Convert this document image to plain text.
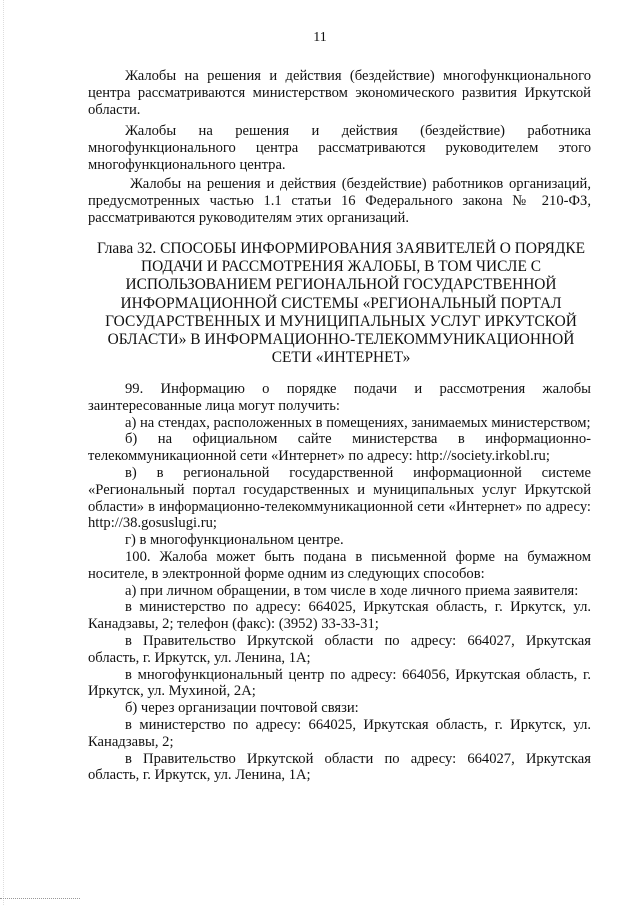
11

Жалобы на решения и действия (бездействие) многофункционального центра рассматриваются министерством экономического развития Иркутской области.

Жалобы на решения и действия (бездействие) работника многофункционального центра рассматриваются руководителем этого многофункционального центра.

Жалобы на решения и действия (бездействие) работников организаций, предусмотренных частью 1.1 статьи 16 Федерального закона № 210-ФЗ, рассматриваются руководителям этих организаций.

Глава 32. СПОСОБЫ ИНФОРМИРОВАНИЯ ЗАЯВИТЕЛЕЙ О ПОРЯДКЕ ПОДАЧИ И РАССМОТРЕНИЯ ЖАЛОБЫ, В ТОМ ЧИСЛЕ С ИСПОЛЬЗОВАНИЕМ РЕГИОНАЛЬНОЙ ГОСУДАРСТВЕННОЙ ИНФОРМАЦИОННОЙ СИСТЕМЫ «РЕГИОНАЛЬНЫЙ ПОРТАЛ ГОСУДАРСТВЕННЫХ И МУНИЦИПАЛЬНЫХ УСЛУГ ИРКУТСКОЙ ОБЛАСТИ» В ИНФОРМАЦИОННО-ТЕЛЕКОММУНИКАЦИОННОЙ СЕТИ «ИНТЕРНЕТ»

99. Информацию о порядке подачи и рассмотрения жалобы заинтересованные лица могут получить:

а) на стендах, расположенных в помещениях, занимаемых министерством;

б) на официальном сайте министерства в информационно-телекоммуникационной сети «Интернет» по адресу: http://society.irkobl.ru;

в) в региональной государственной информационной системе «Региональный портал государственных и муниципальных услуг Иркутской области» в информационно-телекоммуникационной сети «Интернет» по адресу: http://38.gosuslugi.ru;

г) в многофункциональном центре.

100. Жалоба может быть подана в письменной форме на бумажном носителе, в электронной форме одним из следующих способов:

а) при личном обращении, в том числе в ходе личного приема заявителя:

в министерство по адресу: 664025, Иркутская область, г. Иркутск, ул. Канадзавы, 2; телефон (факс): (3952) 33-33-31;

в Правительство Иркутской области по адресу: 664027, Иркутская область, г. Иркутск, ул. Ленина, 1А;

в многофункциональный центр по адресу: 664056, Иркутская область, г. Иркутск, ул. Мухиной, 2А;

б) через организации почтовой связи:

в министерство по адресу: 664025, Иркутская область, г. Иркутск, ул. Канадзавы, 2;

в Правительство Иркутской области по адресу: 664027, Иркутская область, г. Иркутск, ул. Ленина, 1А;
